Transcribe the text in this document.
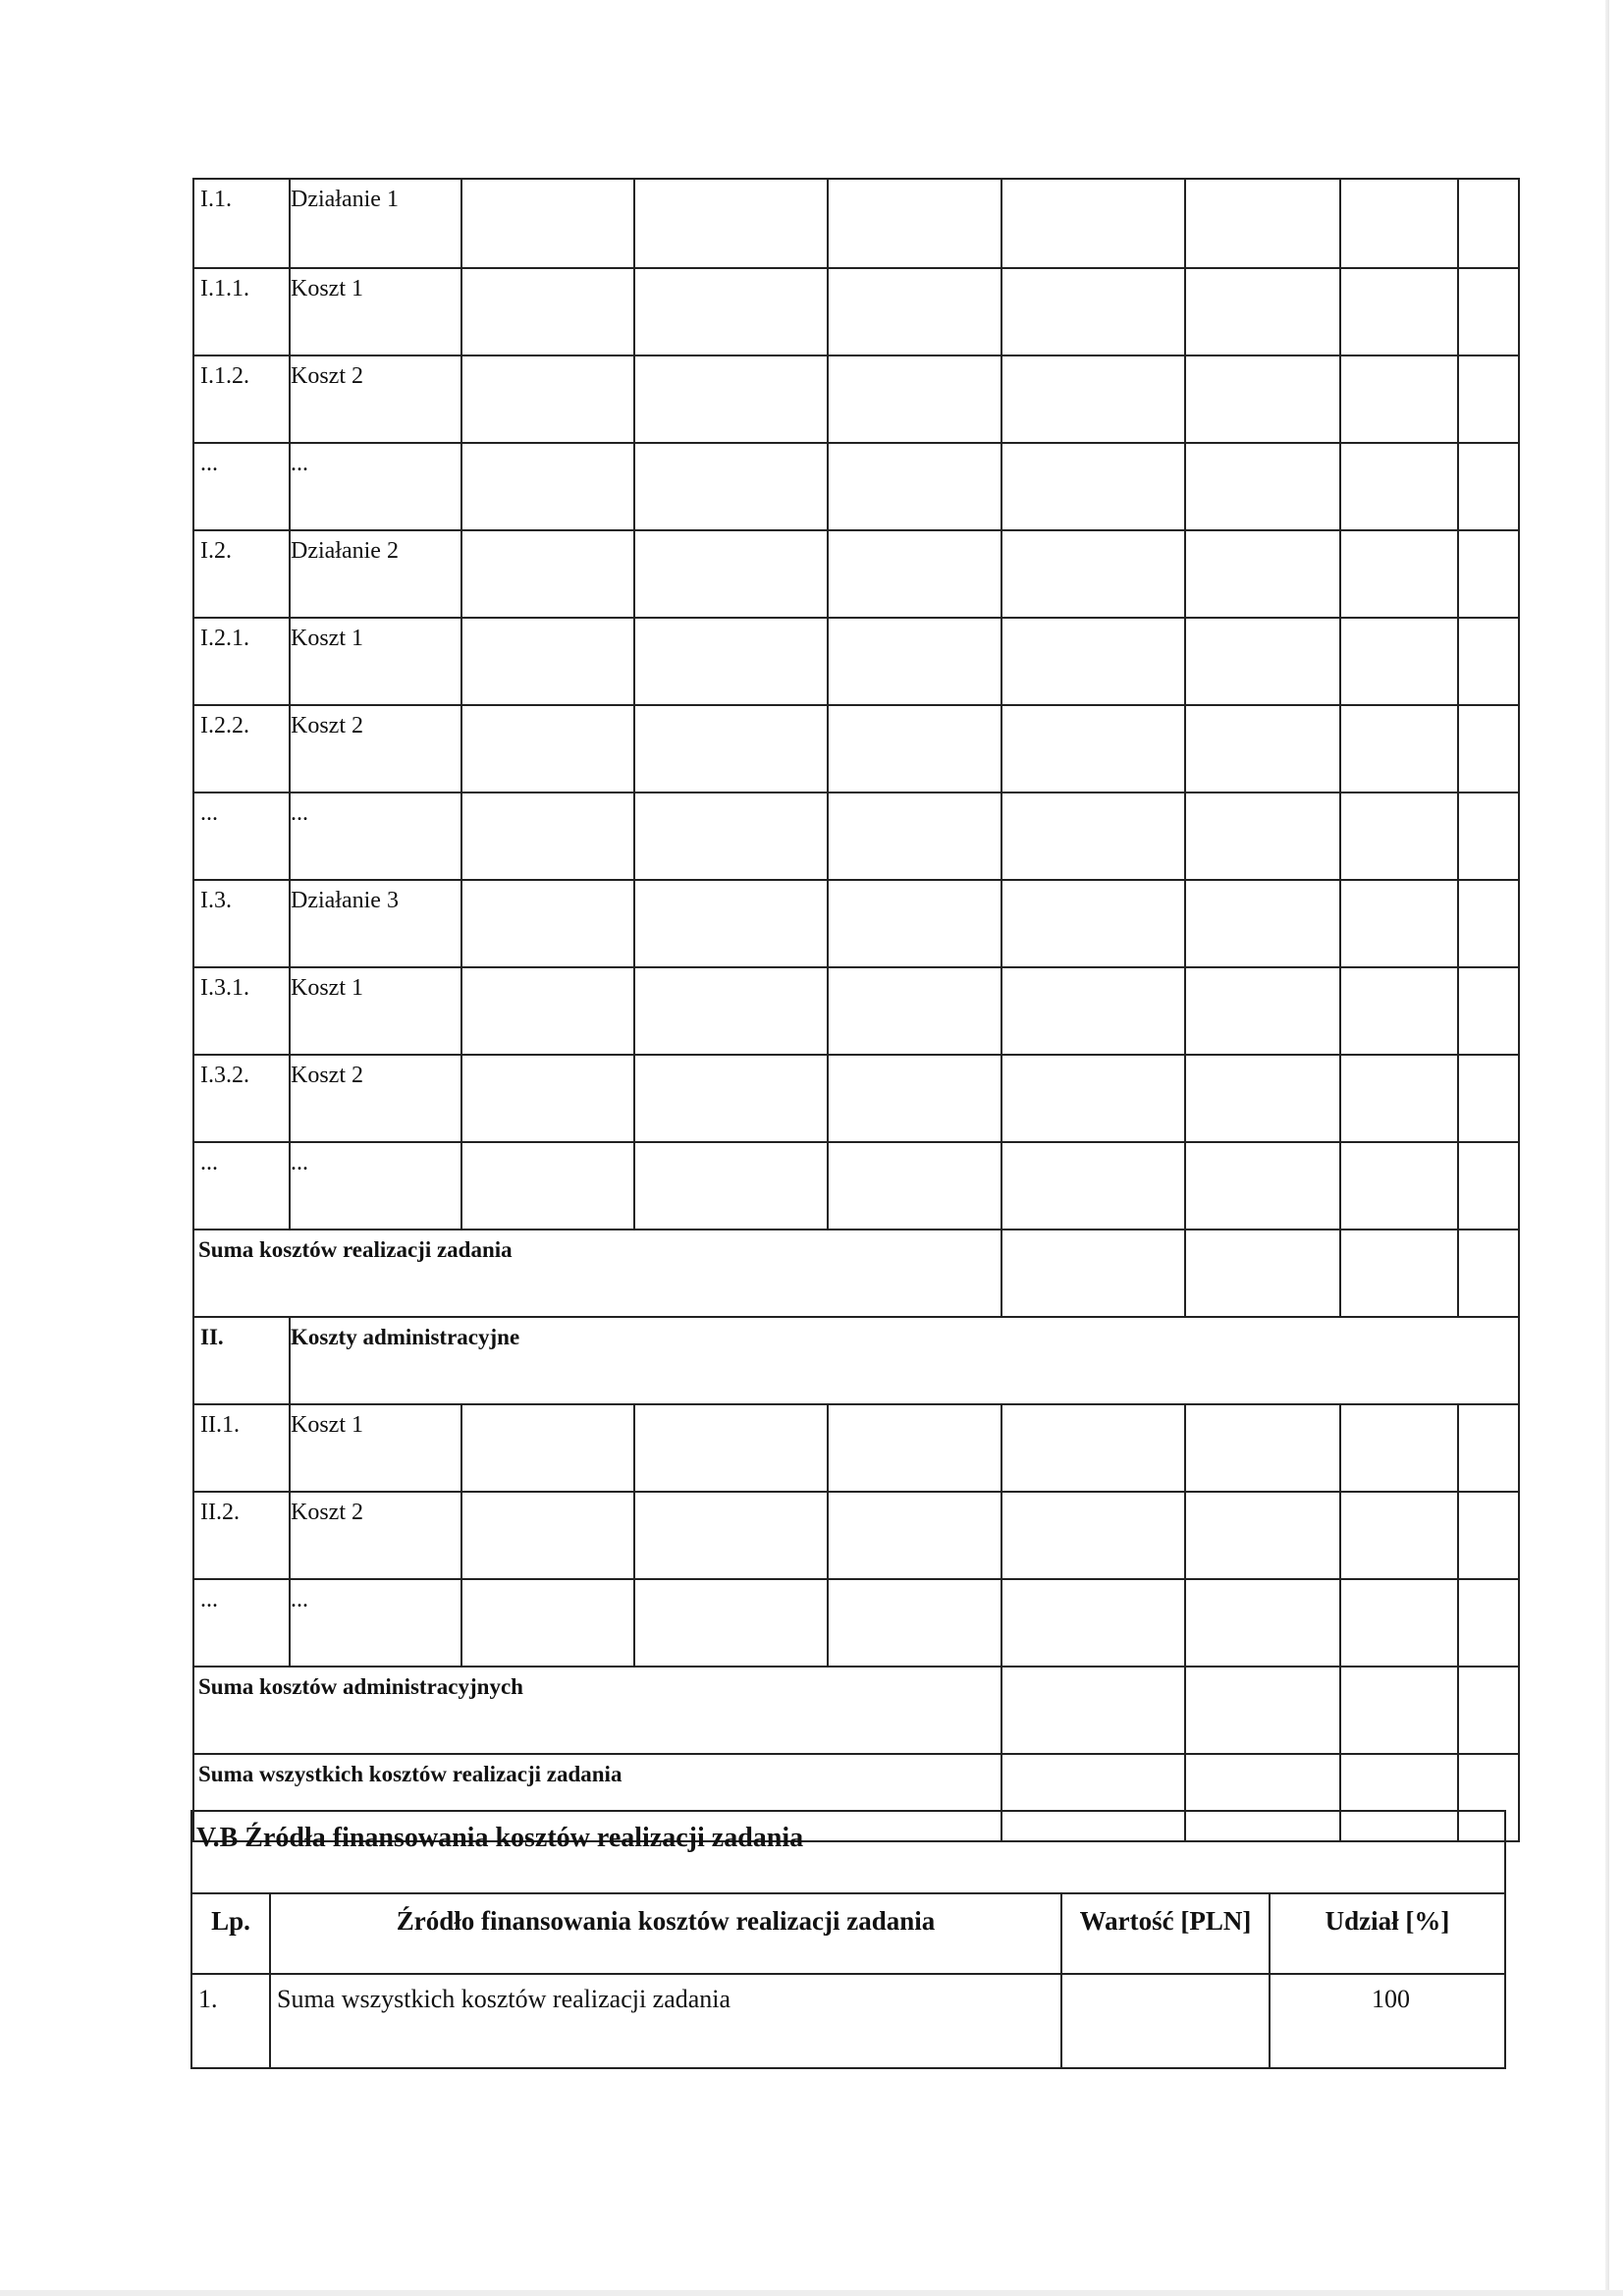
I.1.	Działanie 1							
I.1.1.	Koszt 1							
I.1.2.	Koszt 2							
...	...							
I.2.	Działanie 2							
I.2.1.	Koszt 1							
I.2.2.	Koszt 2							
...	...							
I.3.	Działanie 3							
I.3.1.	Koszt 1							
I.3.2.	Koszt 2							
...	...							
Suma kosztów realizacji zadania								
II.	Koszty administracyjne							
II.1.	Koszt 1							
II.2.	Koszt 2							
...	...							
Suma kosztów administracyjnych								
Suma wszystkich kosztów realizacji zadania								
V.B Źródła finansowania kosztów realizacji zadania			
Lp.	Źródło finansowania kosztów realizacji zadania	Wartość [PLN]	Udział [%]
1.	Suma wszystkich kosztów realizacji zadania		100
